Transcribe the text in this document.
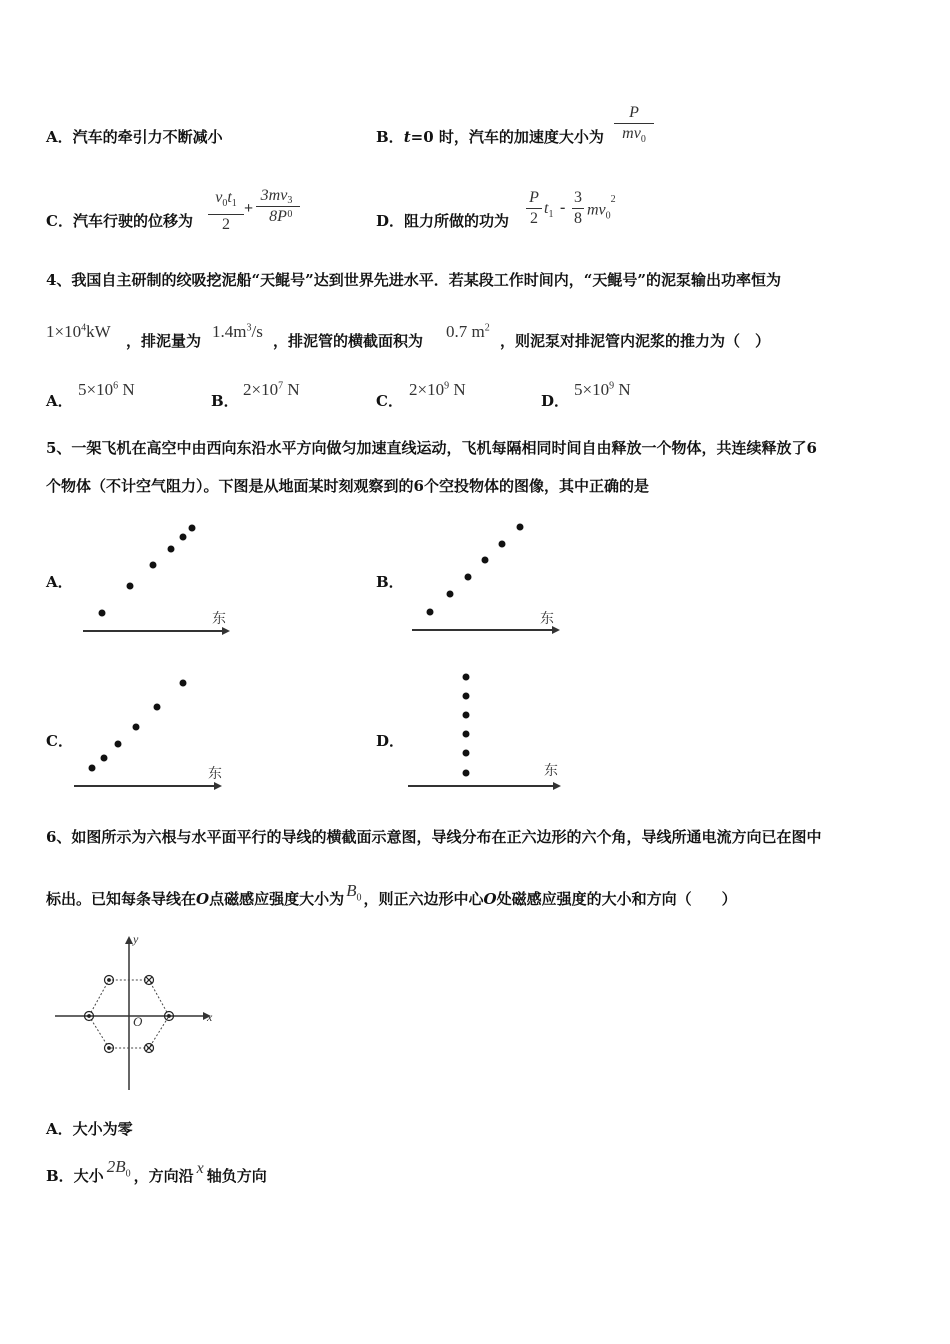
A．汽车的牵引力不断减小	B．t=0 时，汽车的加速度大小为
P
$mv_0$
C．汽车行驶的位移为
$v_0t_1$
2
+
3mv 3
0
8P	D．阻力所做的功为
P
2
$t_1$ -
3
8
$mv_0^2$
4、我国自主研制的绞吸挖泥船“天鲲号”达到世界先进水平．若某段工作时间内，“天鲲号”的泥泵输出功率恒为
$1\times 10^4kW$ ，排泥量为 $1.4m^3/s$ ，排泥管的横截面积为 0.7 $m^2$
，则泥泵对排泥管内泥浆的推力为（　）
A．
$5\times 10^6$ N
B．
$2\times 10^7$ N
C．
$2\times 10^9$ N
D．
$5\times 10^9$ N
5、一架飞机在高空中由西向东沿水平方向做匀加速直线运动，飞机每隔相同时间自由释放一个物体，共连续释放了6
个物体（不计空气阻力）。下图是从地面某时刻观察到的6个空投物体的图像，其中正确的是
A．
东
B．
东
C．
东
D．
东
6、如图所示为六根与水平面平行的导线的横截面示意图，导线分布在正六边形的六个角，导线所通电流方向已在图中
标出。已知每条导线在O点磁感应强度大小为 $B_0$ ，则正六边形中心O处磁感应强度的大小和方向（　　）
y
x
O
A．大小为零
B．大小 $2B_0$ ，方向沿 x 轴负方向
